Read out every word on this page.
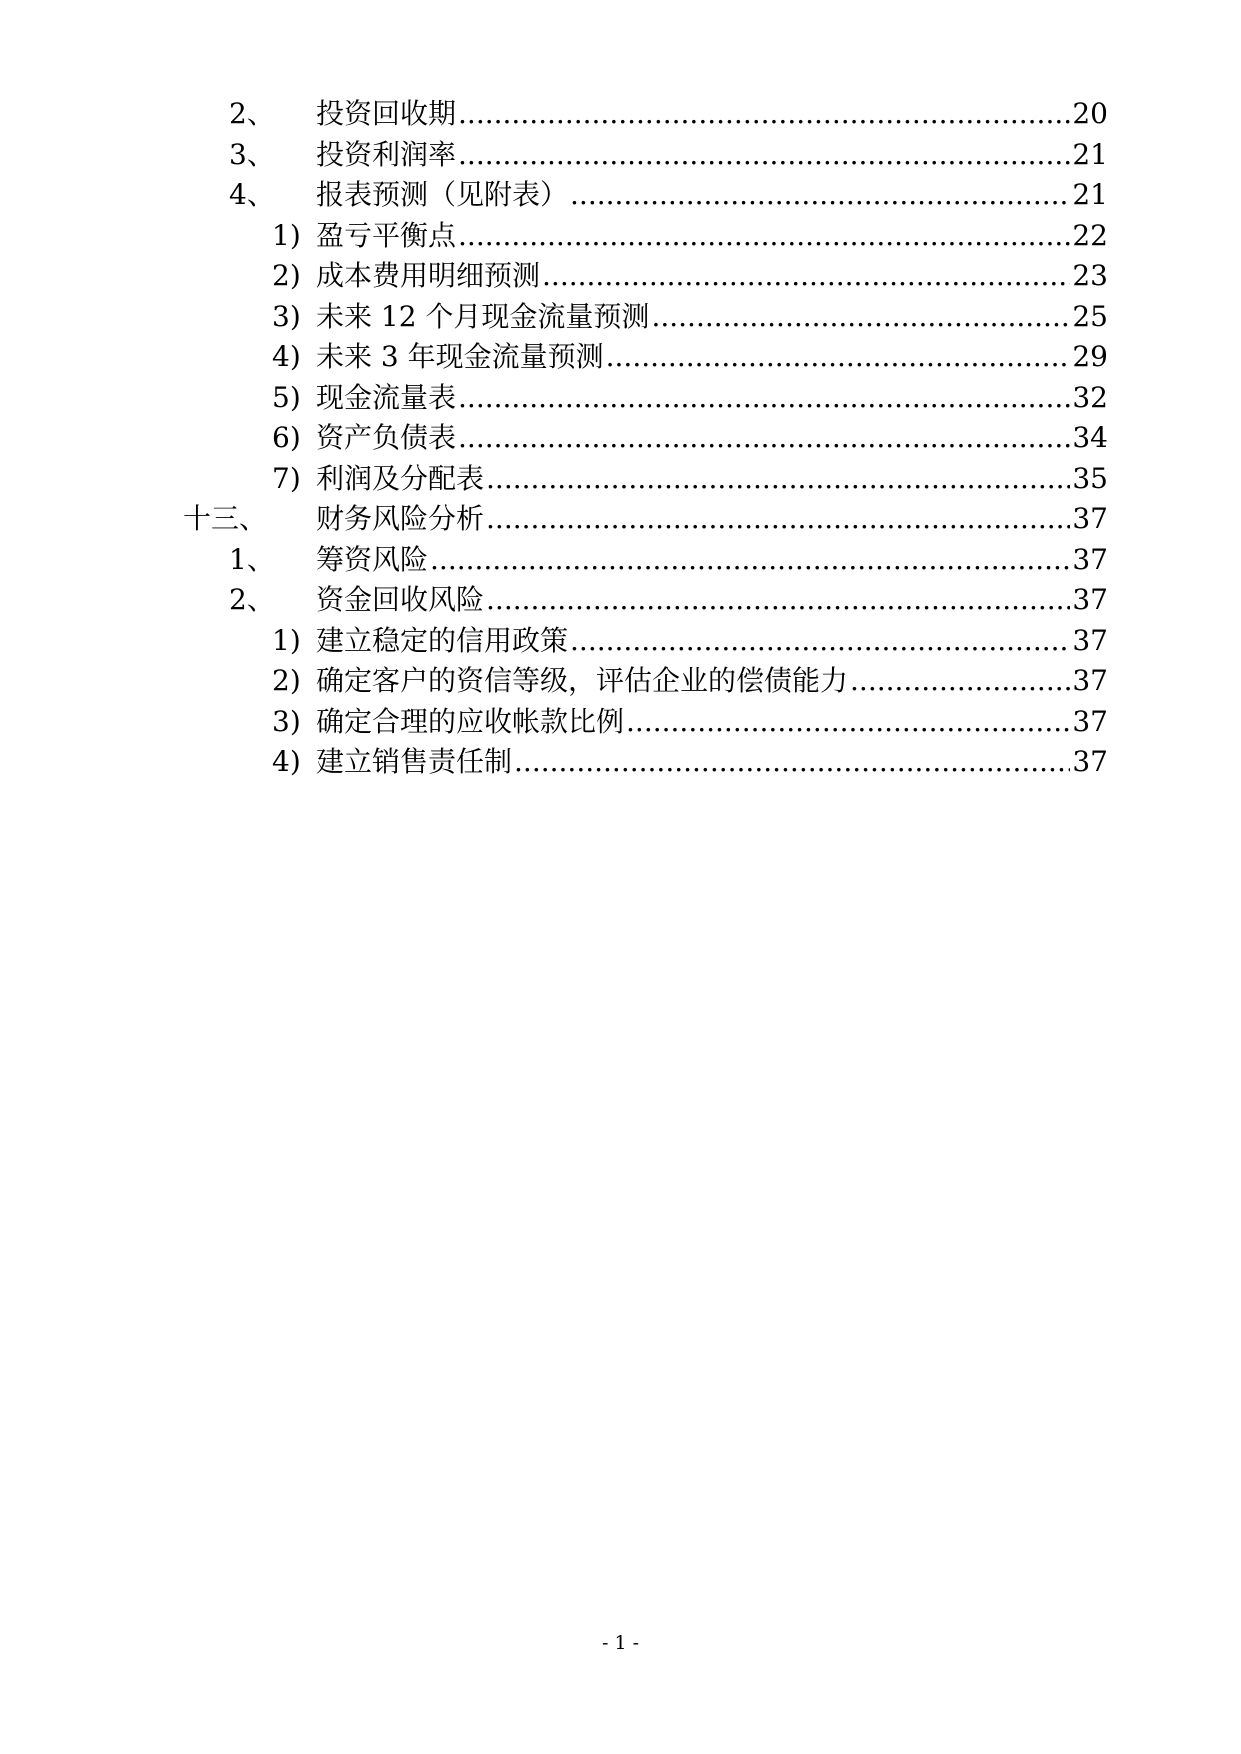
2、 投资回收期 .....	20
3、 投资利润率 .....	21
4、 报表预测（见附表） .....	21
1) 盈亏平衡点 .....	22
2) 成本费用明细预测 .....	23
3) 未来 12 个月现金流量预测 .....	25
4) 未来 3 年现金流量预测 .....	29
5) 现金流量表 .....	32
6) 资产负债表 .....	34
7) 利润及分配表 .....	35
十三、 财务风险分析 .....	37
1、 筹资风险 .....	37
2、 资金回收风险 .....	37
1) 建立稳定的信用政策 .....	37
2) 确定客户的资信等级，评估企业的偿债能力 .....	37
3) 确定合理的应收帐款比例 .....	37
4) 建立销售责任制 .....	37
- 1 -
